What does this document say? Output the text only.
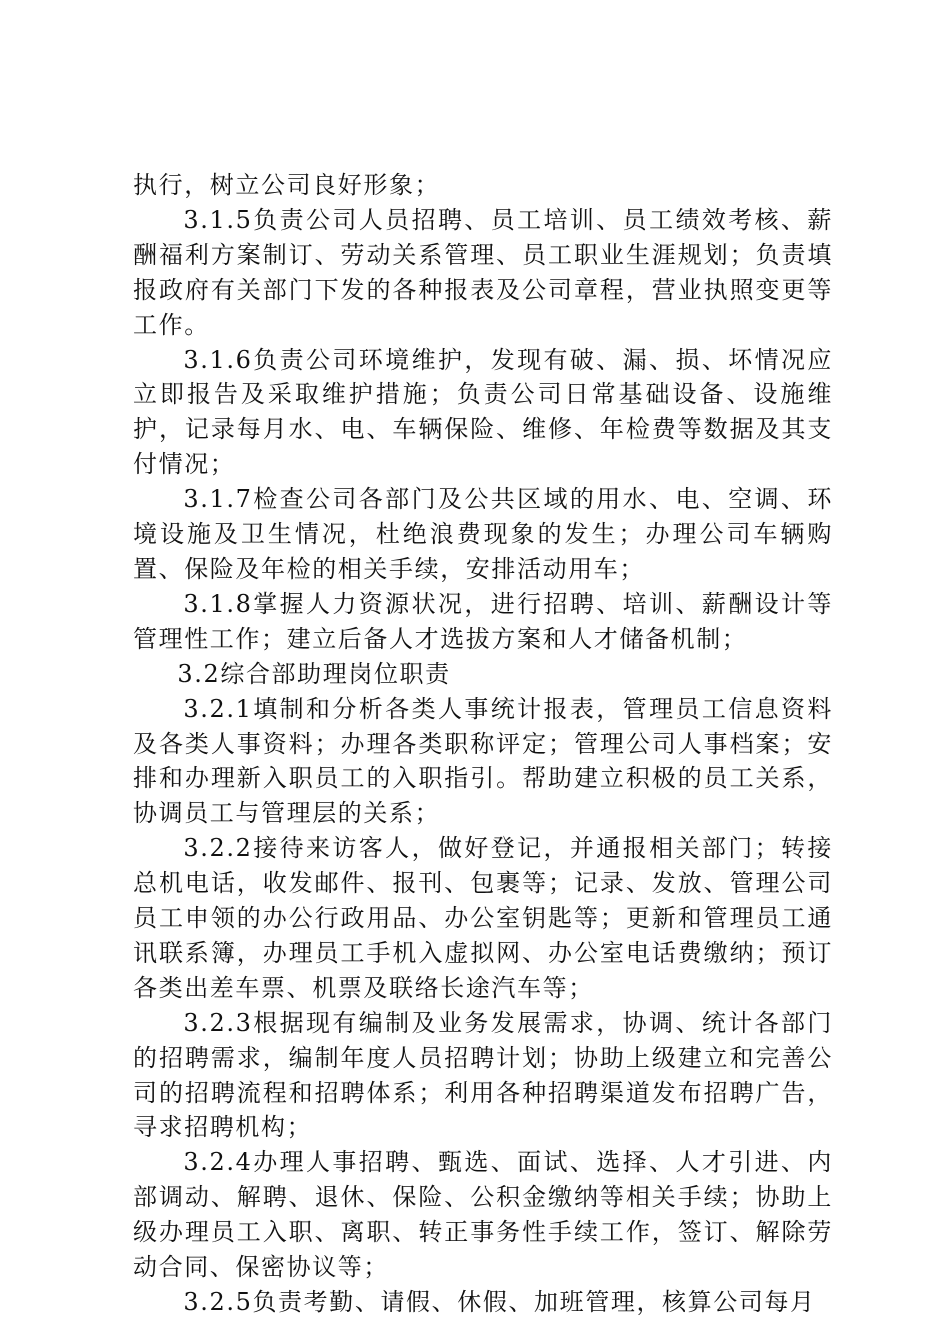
执行，树立公司良好形象；

3.1.5负责公司人员招聘、员工培训、员工绩效考核、薪酬福利方案制订、劳动关系管理、员工职业生涯规划；负责填报政府有关部门下发的各种报表及公司章程，营业执照变更等工作。

3.1.6负责公司环境维护，发现有破、漏、损、坏情况应立即报告及采取维护措施；负责公司日常基础设备、设施维护，记录每月水、电、车辆保险、维修、年检费等数据及其支付情况；

3.1.7检查公司各部门及公共区域的用水、电、空调、环境设施及卫生情况，杜绝浪费现象的发生；办理公司车辆购置、保险及年检的相关手续，安排活动用车；

3.1.8掌握人力资源状况，进行招聘、培训、薪酬设计等管理性工作；建立后备人才选拔方案和人才储备机制；

3.2综合部助理岗位职责

3.2.1填制和分析各类人事统计报表，管理员工信息资料及各类人事资料；办理各类职称评定；管理公司人事档案；安排和办理新入职员工的入职指引。帮助建立积极的员工关系，协调员工与管理层的关系；

3.2.2接待来访客人，做好登记，并通报相关部门；转接总机电话，收发邮件、报刊、包裹等；记录、发放、管理公司员工申领的办公行政用品、办公室钥匙等；更新和管理员工通讯联系簿，办理员工手机入虚拟网、办公室电话费缴纳；预订各类出差车票、机票及联络长途汽车等；

3.2.3根据现有编制及业务发展需求，协调、统计各部门的招聘需求，编制年度人员招聘计划；协助上级建立和完善公司的招聘流程和招聘体系；利用各种招聘渠道发布招聘广告，寻求招聘机构；

3.2.4办理人事招聘、甄选、面试、选择、人才引进、内部调动、解聘、退休、保险、公积金缴纳等相关手续；协助上级办理员工入职、离职、转正事务性手续工作，签订、解除劳动合同、保密协议等；

3.2.5负责考勤、请假、休假、加班管理，核算公司每月
